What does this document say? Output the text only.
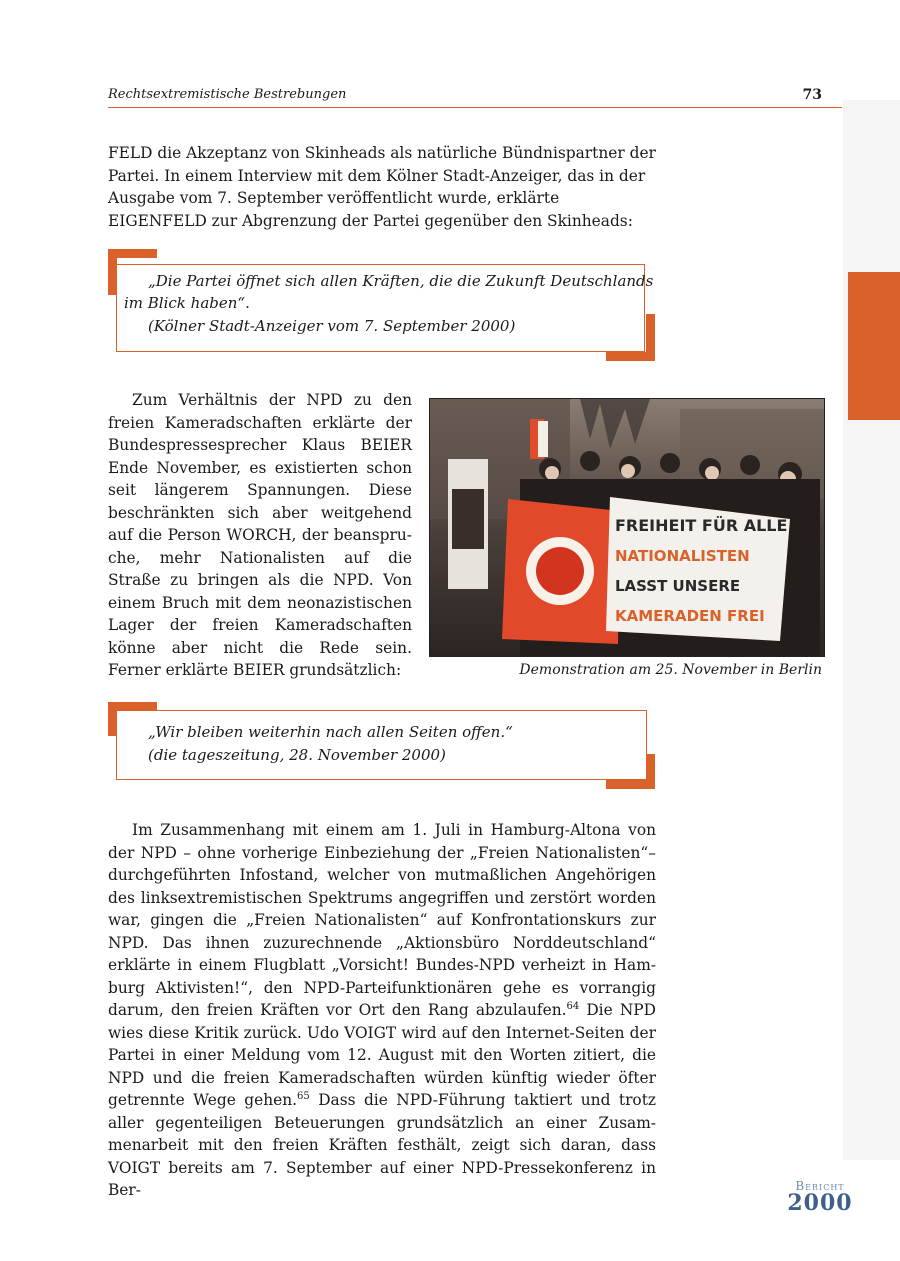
Rechtsextremistische Bestrebungen	73

FELD die Akzeptanz von Skinheads als natürliche Bündnispartner der Partei. In einem Interview mit dem Kölner Stadt-Anzeiger, das in der Ausgabe vom 7. September veröffentlicht wurde, erklärte EIGENFELD zur Abgrenzung der Partei gegenüber den Skinheads:

„Die Partei öffnet sich allen Kräften, die die Zukunft Deutschlands

im Blick haben“.

(Kölner Stadt-Anzeiger vom 7. September 2000)

Zum Verhältnis der NPD zu den freien Kameradschaften erklärte der Bundespressesprecher Klaus BEIER Ende November, es existierten schon seit längerem Spannungen. Diese beschränkten sich aber weitgehend auf die Person WORCH, der beanspruche, mehr Nationalisten auf die Straße zu bringen als die NPD. Von einem Bruch mit dem neonazistischen Lager der freien Kameradschaften könne aber nicht die Rede sein. Ferner erklärte BEIER grundsätzlich:

FREIHEIT FÜR ALLE
NATIONALISTEN
LASST UNSERE
KAMERADEN FREI
Demonstration am 25. November in Berlin

„Wir bleiben weiterhin nach allen Seiten offen.“

(die tageszeitung, 28. November 2000)

Im Zusammenhang mit einem am 1. Juli in Hamburg-Altona von der NPD – ohne vorherige Einbeziehung der „Freien Nationalisten“– durchgeführten Infostand, welcher von mutmaßlichen Angehörigen des linksextremistischen Spektrums angegriffen und zerstört worden war, gingen die „Freien Nationalisten“ auf Konfrontationskurs zur NPD. Das ihnen zuzurechnende „Aktionsbüro Norddeutschland“ erklärte in einem Flugblatt „Vorsicht! Bundes-NPD verheizt in Hamburg Aktivisten!“, den NPD-Parteifunktionären gehe es vorrangig darum, den freien Kräften vor Ort den Rang abzulaufen.$^{64}$ Die NPD wies diese Kritik zurück. Udo VOIGT wird auf den Internet-Seiten der Partei in einer Meldung vom 12. August mit den Worten zitiert, die NPD und die freien Kameradschaften würden künftig wieder öfter getrennte Wege gehen.$^{65}$ Dass die NPD-Führung taktiert und trotz aller gegenteiligen Beteuerungen grundsätzlich an einer Zusammenarbeit mit den freien Kräften festhält, zeigt sich daran, dass VOIGT bereits am 7. September auf einer NPD-Pressekonferenz in Ber-	Bericht
2000
